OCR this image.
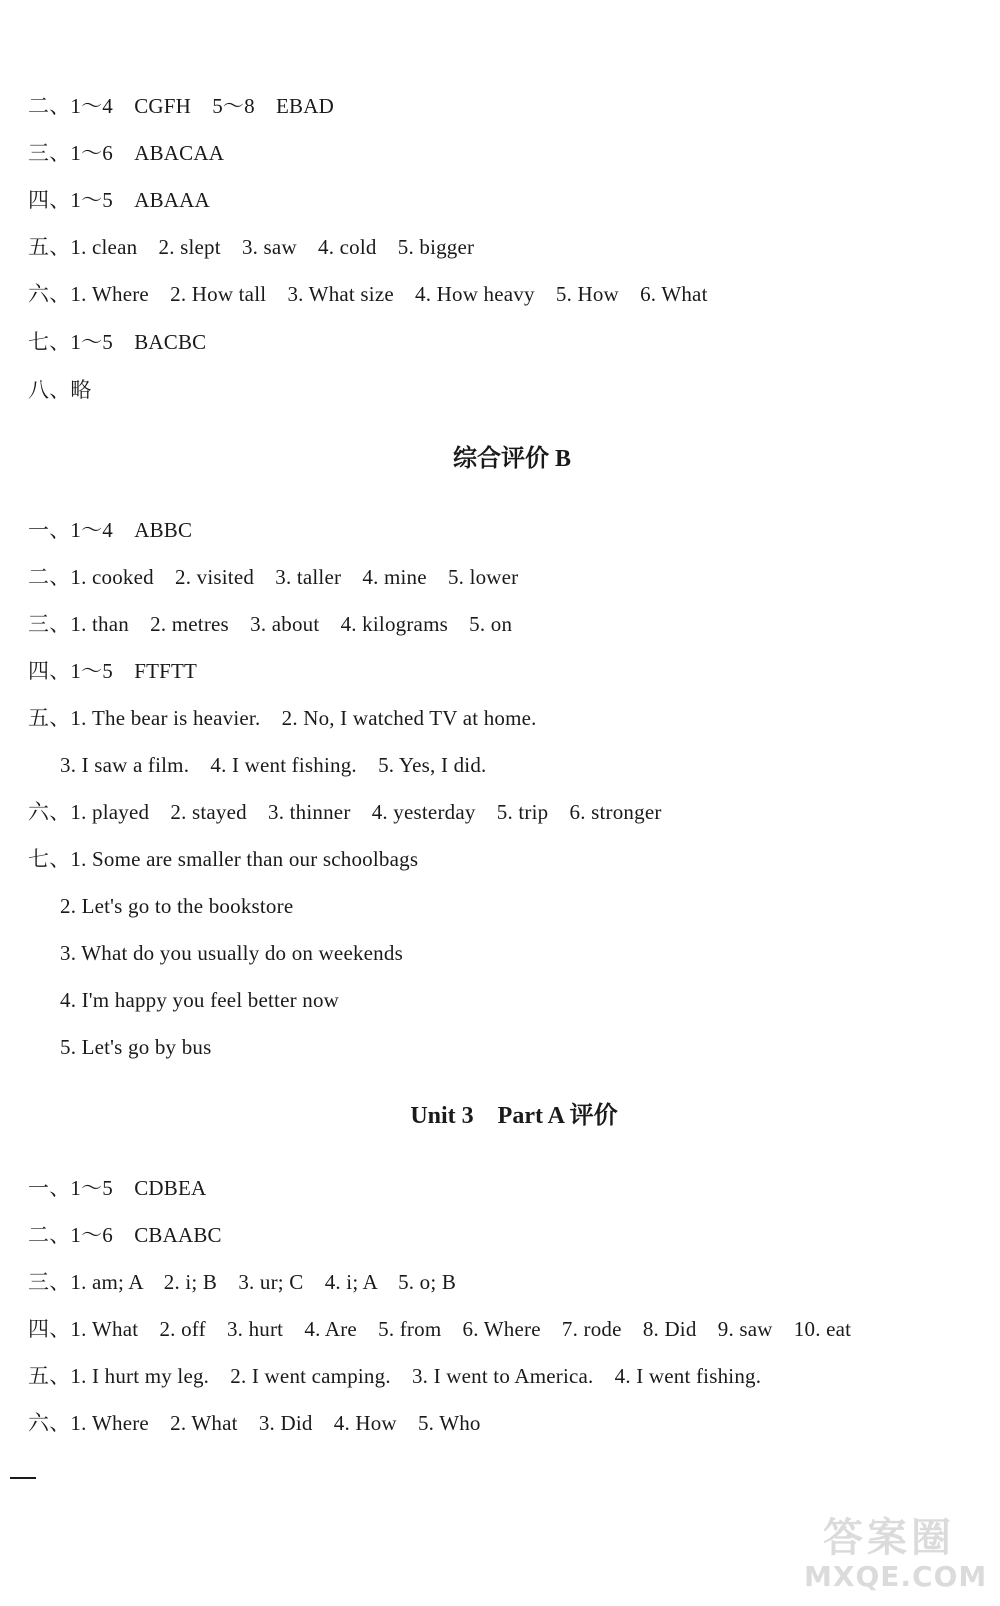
二、1～4　CGFH　5～8　EBAD
三、1～6　ABACAA
四、1～5　ABAAA
五、1. clean　2. slept　3. saw　4. cold　5. bigger
六、1. Where　2. How tall　3. What size　4. How heavy　5. How　6. What
七、1～5　BACBC
八、略
综合评价 B
一、1～4　ABBC
二、1. cooked　2. visited　3. taller　4. mine　5. lower
三、1. than　2. metres　3. about　4. kilograms　5. on
四、1～5　FTFTT
五、1. The bear is heavier.　2. No, I watched TV at home.
3. I saw a film.　4. I went fishing.　5. Yes, I did.
六、1. played　2. stayed　3. thinner　4. yesterday　5. trip　6. stronger
七、1. Some are smaller than our schoolbags
2. Let's go to the bookstore
3. What do you usually do on weekends
4. I'm happy you feel better now
5. Let's go by bus
Unit 3　Part A 评价
一、1～5　CDBEA
二、1～6　CBAABC
三、1. am; A　2. i; B　3. ur; C　4. i; A　5. o; B
四、1. What　2. off　3. hurt　4. Are　5. from　6. Where　7. rode　8. Did　9. saw　10. eat
五、1. I hurt my leg.　2. I went camping.　3. I went to America.　4. I went fishing.
六、1. Where　2. What　3. Did　4. How　5. Who
答案圈
MXQE.COM
